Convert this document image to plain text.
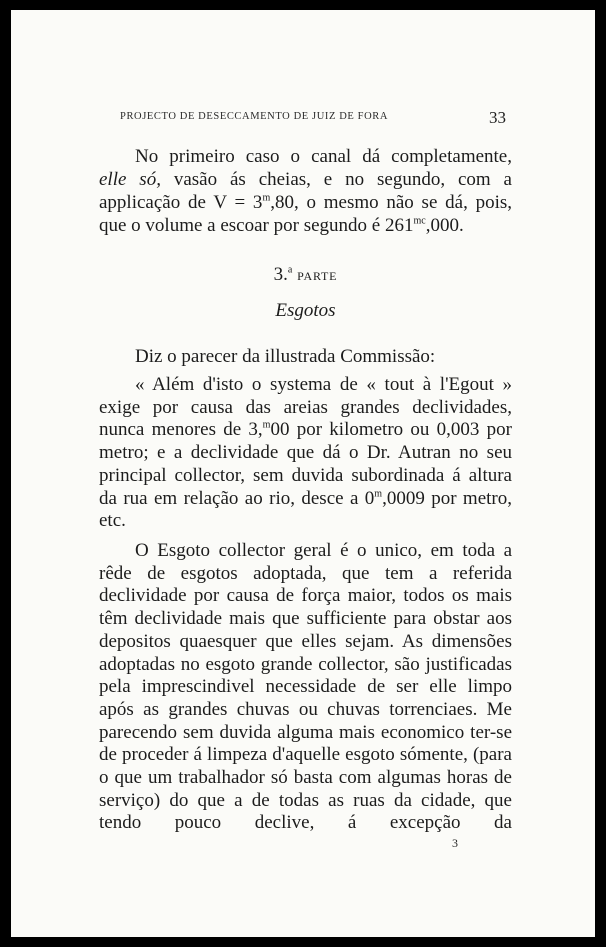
PROJECTO DE DESECCAMENTO DE JUIZ DE FORA	33

No primeiro caso o canal dá completamente,

elle só, vasão ás cheias, e no segundo, com a

applicação de $V = 3^m,80$, o mesmo não se dá, pois,

que o volume a escoar por segundo é $261^{mc},000$.

3.$^a$ PARTE

Esgotos

Diz o parecer da illustrada Commissão:

« Além d'isto o systema de « tout à l'Egout » exige por causa das areias grandes declividades, nunca menores de 3,$^m$00 por kilometro ou 0,003 por metro; e a declividade que dá o Dr. Autran no seu principal collector, sem duvida subordinada á altura da rua em relação ao rio, desce a 0$^m$,0009 por metro, etc.

O Esgoto collector geral é o unico, em toda a rêde de esgotos adoptada, que tem a referida declividade por causa de força maior, todos os mais têm declividade mais que sufficiente para obstar aos depositos quaesquer que elles sejam. As dimensões adoptadas no esgoto grande collector, são justificadas pela imprescindivel necessidade de ser elle limpo após as grandes chuvas ou chuvas torrenciaes. Me parecendo sem duvida alguma mais economico ter-se de proceder á limpeza d'aquelle esgoto sómente, (para o que um trabalhador só basta com algumas horas de serviço) do que a de todas as ruas da cidade, que tendo pouco declive, á excepção da

3
